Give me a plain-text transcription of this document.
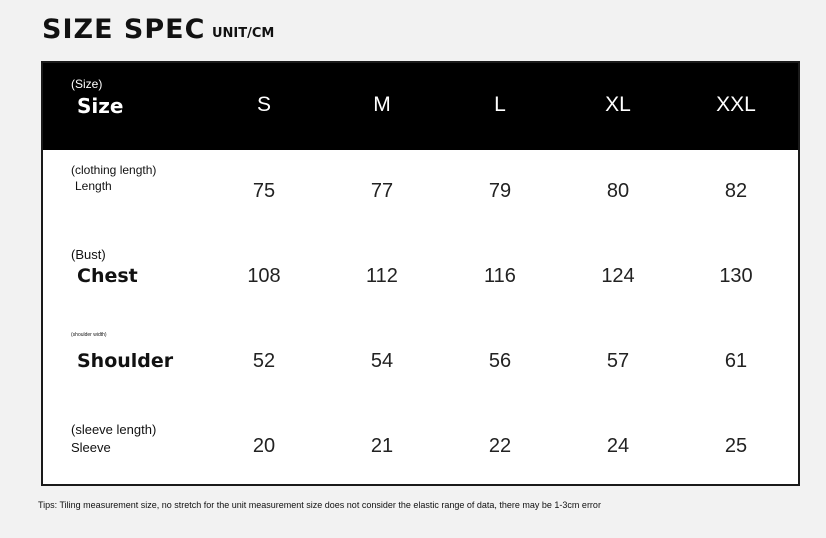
SIZE SPEC UNIT/CM
(Size)
Size	S	M	L	XL	XXL
(clothing length)
Length	75	77	79	80	82
(Bust)
Chest	108	112	116	124	130
(shoulder width)
Shoulder	52	54	56	57	61
(sleeve length) Sleeve	20	21	22	24	25
Tips: Tiling measurement size, no stretch for the unit measurement size does not consider the elastic range of data, there may be 1-3cm error
